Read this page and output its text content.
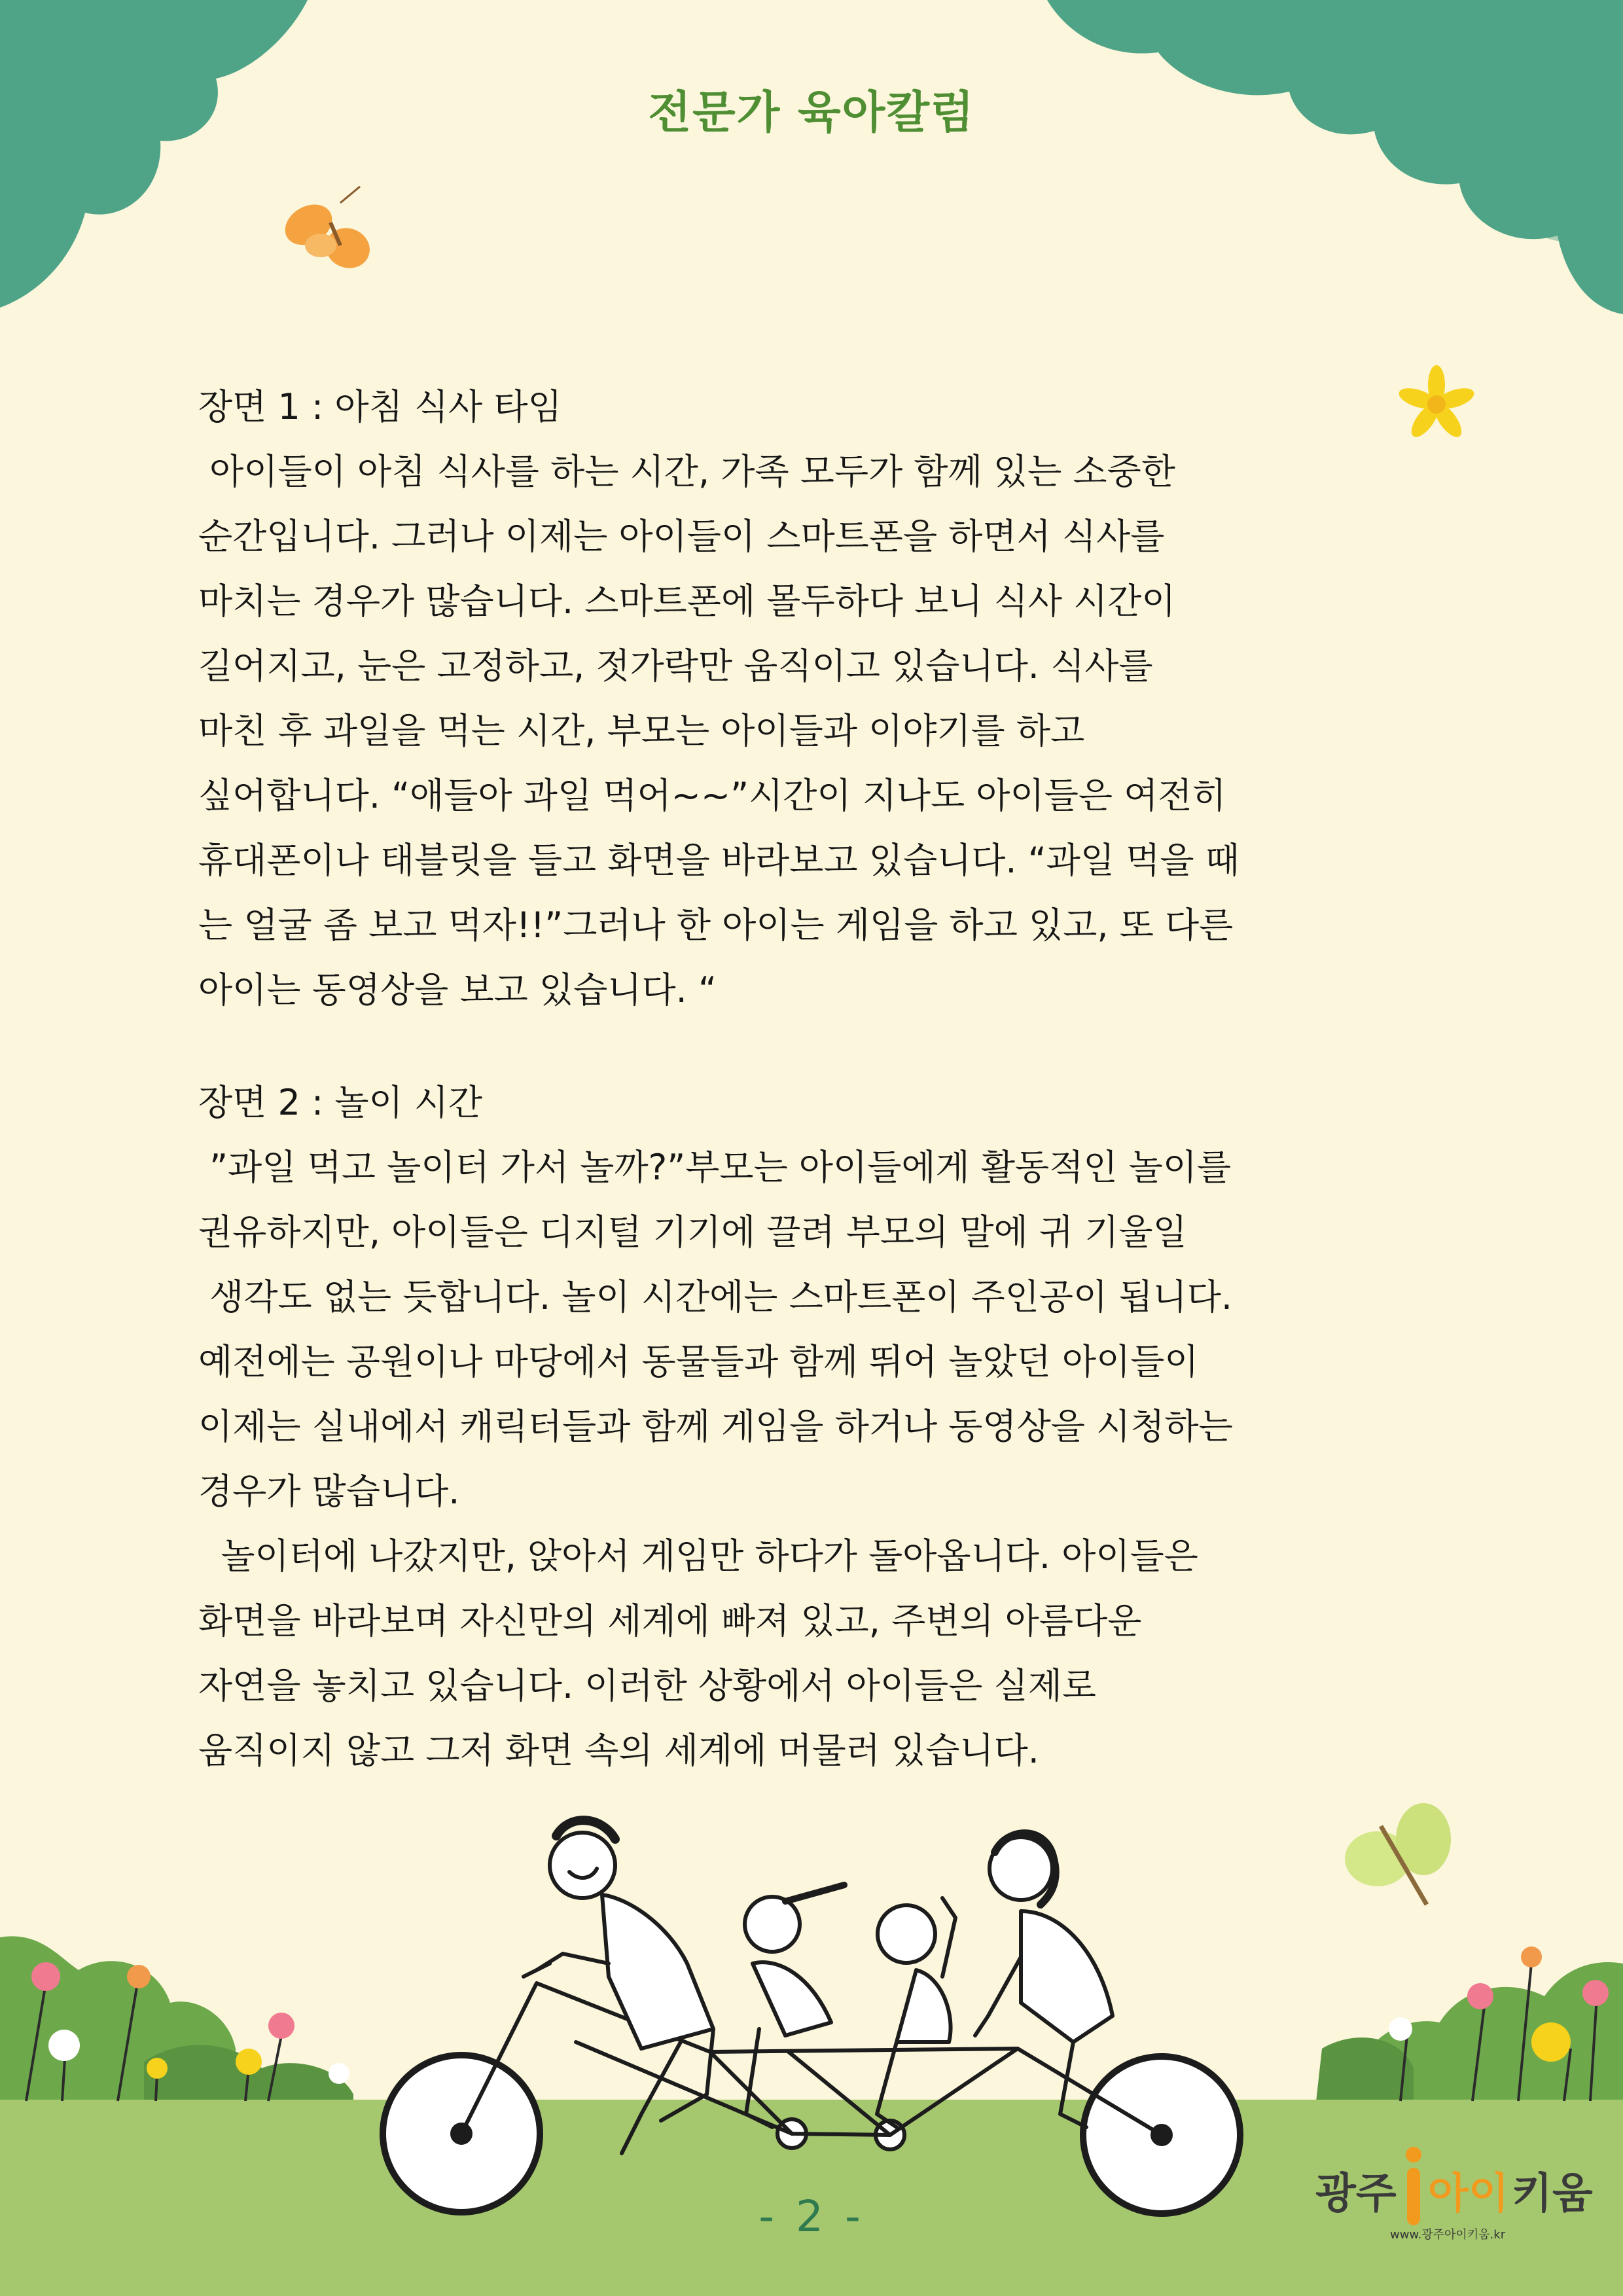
전문가 육아칼럼
장면 1 : 아침 식사 타임
아이들이 아침 식사를 하는 시간, 가족 모두가 함께 있는 소중한
순간입니다. 그러나 이제는 아이들이 스마트폰을 하면서 식사를
마치는 경우가 많습니다. 스마트폰에 몰두하다 보니 식사 시간이
길어지고, 눈은 고정하고, 젓가락만 움직이고 있습니다. 식사를
마친 후 과일을 먹는 시간, 부모는 아이들과 이야기를 하고
싶어합니다. “애들아 과일 먹어~~”시간이 지나도 아이들은 여전히
휴대폰이나 태블릿을 들고 화면을 바라보고 있습니다. “과일 먹을 때
는 얼굴 좀 보고 먹자!!”그러나 한 아이는 게임을 하고 있고, 또 다른
아이는 동영상을 보고 있습니다. “
장면 2 : 놀이 시간
”과일 먹고 놀이터 가서 놀까?”부모는 아이들에게 활동적인 놀이를
권유하지만, 아이들은 디지털 기기에 끌려 부모의 말에 귀 기울일
생각도 없는 듯합니다. 놀이 시간에는 스마트폰이 주인공이 됩니다.
예전에는 공원이나 마당에서 동물들과 함께 뛰어 놀았던 아이들이
이제는 실내에서 캐릭터들과 함께 게임을 하거나 동영상을 시청하는
경우가 많습니다.
놀이터에 나갔지만, 앉아서 게임만 하다가 돌아옵니다. 아이들은
화면을 바라보며 자신만의 세계에 빠져 있고, 주변의 아름다운
자연을 놓치고 있습니다. 이러한 상황에서 아이들은 실제로
움직이지 않고 그저 화면 속의 세계에 머물러 있습니다.
- 2 -	광주 아이 키움
www.광주아이키움.kr
